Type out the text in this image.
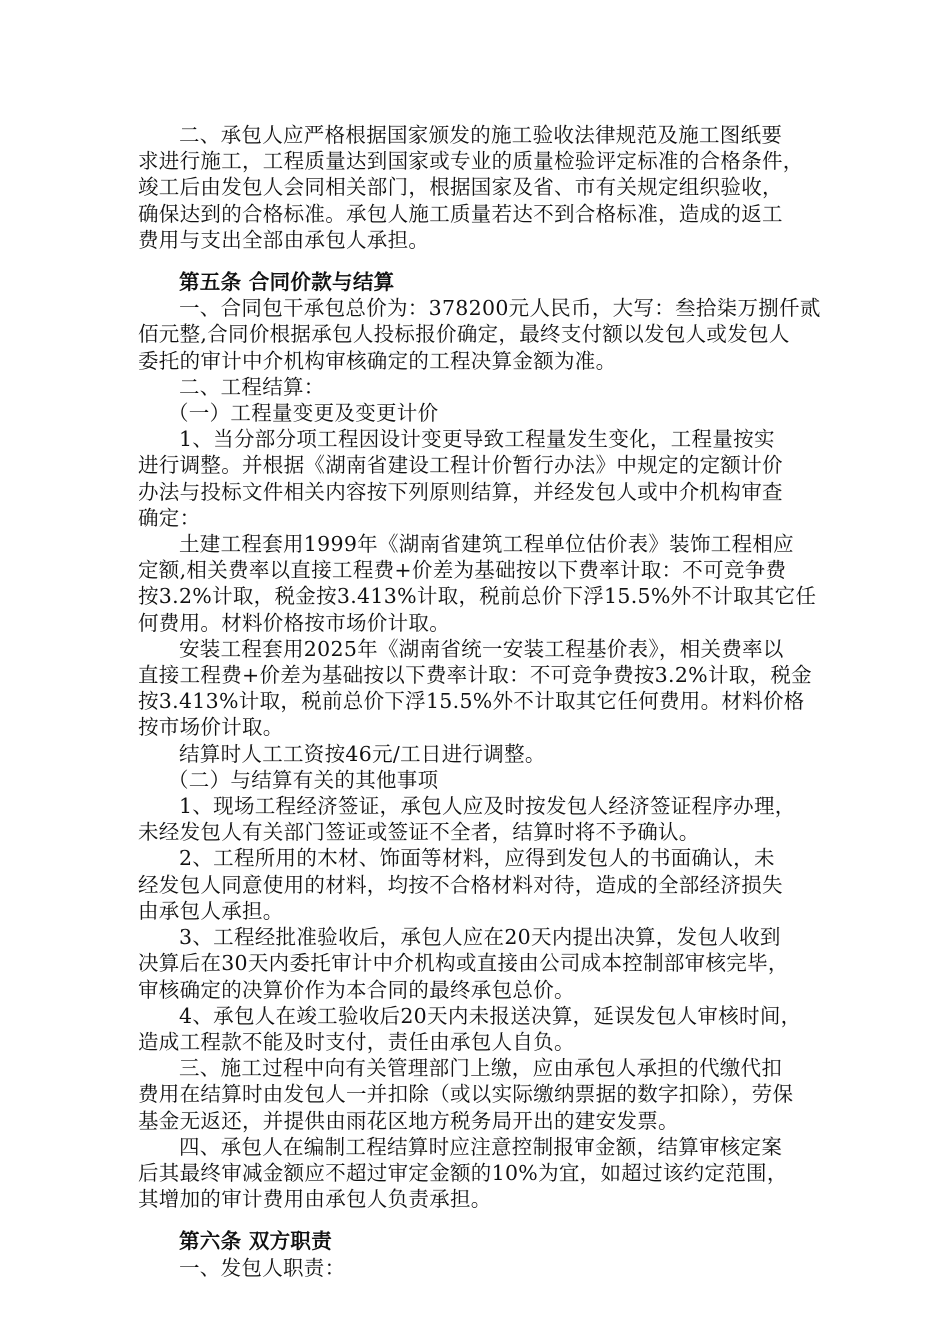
二、承包人应严格根据国家颁发的施工验收法律规范及施工图纸要
求进行施工，工程质量达到国家或专业的质量检验评定标准的合格条件，
竣工后由发包人会同相关部门，根据国家及省、市有关规定组织验收，
确保达到的合格标准。承包人施工质量若达不到合格标准，造成的返工
费用与支出全部由承包人承担。
第五条 合同价款与结算
一、合同包干承包总价为：378200元人民币，大写：叁拾柒万捌仟贰
佰元整,合同价根据承包人投标报价确定，最终支付额以发包人或发包人
委托的审计中介机构审核确定的工程决算金额为准。
二、工程结算：
（一）工程量变更及变更计价
1、当分部分项工程因设计变更导致工程量发生变化，工程量按实
进行调整。并根据《湖南省建设工程计价暂行办法》中规定的定额计价
办法与投标文件相关内容按下列原则结算，并经发包人或中介机构审查
确定：
土建工程套用1999年《湖南省建筑工程单位估价表》装饰工程相应
定额,相关费率以直接工程费+价差为基础按以下费率计取：不可竞争费
按3.2%计取，税金按3.413%计取，税前总价下浮15.5%外不计取其它任
何费用。材料价格按市场价计取。
安装工程套用2025年《湖南省统一安装工程基价表》，相关费率以
直接工程费+价差为基础按以下费率计取：不可竞争费按3.2%计取，税金
按3.413%计取，税前总价下浮15.5%外不计取其它任何费用。材料价格
按市场价计取。
结算时人工工资按46元/工日进行调整。
（二）与结算有关的其他事项
1、现场工程经济签证，承包人应及时按发包人经济签证程序办理，
未经发包人有关部门签证或签证不全者，结算时将不予确认。
2、工程所用的木材、饰面等材料，应得到发包人的书面确认，未
经发包人同意使用的材料，均按不合格材料对待，造成的全部经济损失
由承包人承担。
3、工程经批准验收后，承包人应在20天内提出决算，发包人收到
决算后在30天内委托审计中介机构或直接由公司成本控制部审核完毕，
审核确定的决算价作为本合同的最终承包总价。
4、承包人在竣工验收后20天内未报送决算，延误发包人审核时间，
造成工程款不能及时支付，责任由承包人自负。
三、施工过程中向有关管理部门上缴，应由承包人承担的代缴代扣
费用在结算时由发包人一并扣除（或以实际缴纳票据的数字扣除），劳保
基金无返还，并提供由雨花区地方税务局开出的建安发票。
四、承包人在编制工程结算时应注意控制报审金额，结算审核定案
后其最终审减金额应不超过审定金额的10%为宜，如超过该约定范围，
其增加的审计费用由承包人负责承担。
第六条 双方职责
一、发包人职责：
